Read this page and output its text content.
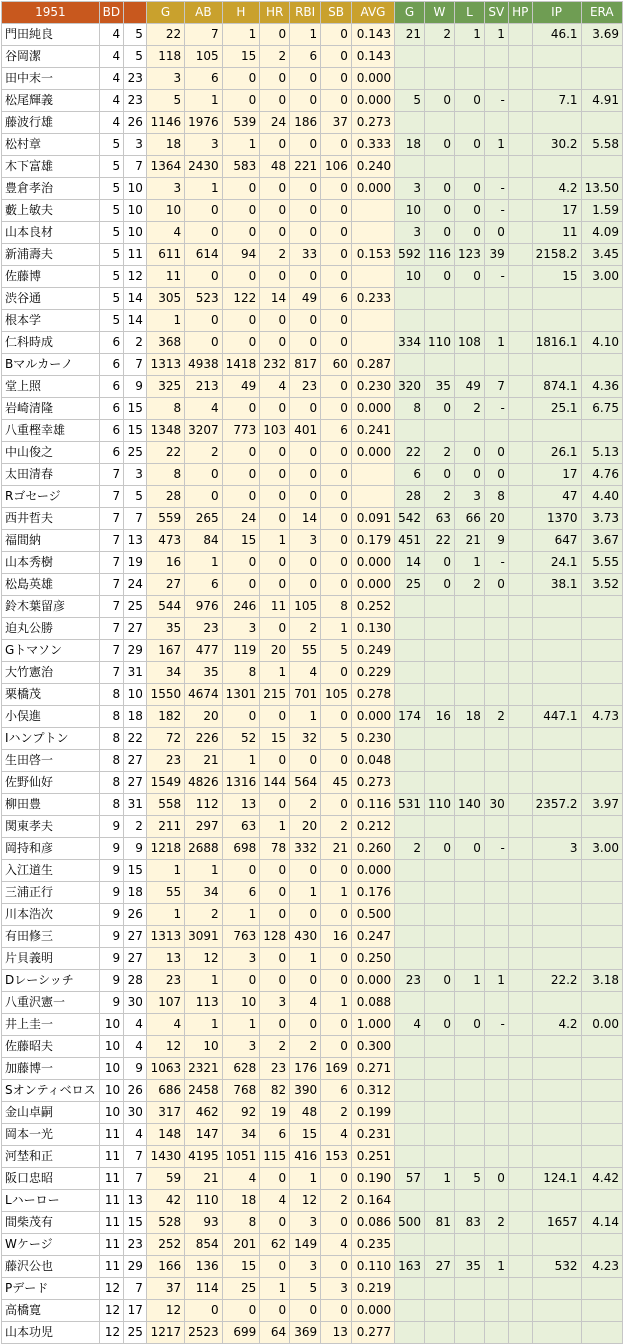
1951	BD		G	AB	H	HR	RBI	SB	AVG	G	W	L	SV	HP	IP	ERA
門田純良	4	5	22	7	1	0	1	0	0.143	21	2	1	1		46.1	3.69
谷岡潔	4	5	118	105	15	2	6	0	0.143							
田中末一	4	23	3	6	0	0	0	0	0.000							
松尾輝義	4	23	5	1	0	0	0	0	0.000	5	0	0	-		7.1	4.91
藤波行雄	4	26	1146	1976	539	24	186	37	0.273							
松村章	5	3	18	3	1	0	0	0	0.333	18	0	0	1		30.2	5.58
木下富雄	5	7	1364	2430	583	48	221	106	0.240							
豊倉孝治	5	10	3	1	0	0	0	0	0.000	3	0	0	-		4.2	13.50
藪上敏夫	5	10	10	0	0	0	0	0		10	0	0	-		17	1.59
山本良材	5	10	4	0	0	0	0	0		3	0	0	0		11	4.09
新浦壽夫	5	11	611	614	94	2	33	0	0.153	592	116	123	39		2158.2	3.45
佐藤博	5	12	11	0	0	0	0	0		10	0	0	-		15	3.00
渋谷通	5	14	305	523	122	14	49	6	0.233							
根本学	5	14	1	0	0	0	0	0								
仁科時成	6	2	368	0	0	0	0	0		334	110	108	1		1816.1	4.10
Bマルカーノ	6	7	1313	4938	1418	232	817	60	0.287							
堂上照	6	9	325	213	49	4	23	0	0.230	320	35	49	7		874.1	4.36
岩崎清隆	6	15	8	4	0	0	0	0	0.000	8	0	2	-		25.1	6.75
八重樫幸雄	6	15	1348	3207	773	103	401	6	0.241							
中山俊之	6	25	22	2	0	0	0	0	0.000	22	2	0	0		26.1	5.13
太田清春	7	3	8	0	0	0	0	0		6	0	0	0		17	4.76
Rゴセージ	7	5	28	0	0	0	0	0		28	2	3	8		47	4.40
西井哲夫	7	7	559	265	24	0	14	0	0.091	542	63	66	20		1370	3.73
福間納	7	13	473	84	15	1	3	0	0.179	451	22	21	9		647	3.67
山本秀樹	7	19	16	1	0	0	0	0	0.000	14	0	1	-		24.1	5.55
松島英雄	7	24	27	6	0	0	0	0	0.000	25	0	2	0		38.1	3.52
鈴木葉留彦	7	25	544	976	246	11	105	8	0.252							
迫丸公勝	7	27	35	23	3	0	2	1	0.130							
Gトマソン	7	29	167	477	119	20	55	5	0.249							
大竹憲治	7	31	34	35	8	1	4	0	0.229							
栗橋茂	8	10	1550	4674	1301	215	701	105	0.278							
小俣進	8	18	182	20	0	0	1	0	0.000	174	16	18	2		447.1	4.73
Iハンプトン	8	22	72	226	52	15	32	5	0.230							
生田啓一	8	27	23	21	1	0	0	0	0.048							
佐野仙好	8	27	1549	4826	1316	144	564	45	0.273							
柳田豊	8	31	558	112	13	0	2	0	0.116	531	110	140	30		2357.2	3.97
関東孝夫	9	2	211	297	63	1	20	2	0.212							
岡持和彦	9	9	1218	2688	698	78	332	21	0.260	2	0	0	-		3	3.00
入江道生	9	15	1	1	0	0	0	0	0.000							
三浦正行	9	18	55	34	6	0	1	1	0.176							
川本浩次	9	26	1	2	1	0	0	0	0.500							
有田修三	9	27	1313	3091	763	128	430	16	0.247							
片貝義明	9	27	13	12	3	0	1	0	0.250							
Dレーシッチ	9	28	23	1	0	0	0	0	0.000	23	0	1	1		22.2	3.18
八重沢憲一	9	30	107	113	10	3	4	1	0.088							
井上圭一	10	4	4	1	1	0	0	0	1.000	4	0	0	-		4.2	0.00
佐藤昭夫	10	4	12	10	3	2	2	0	0.300							
加藤博一	10	9	1063	2321	628	23	176	169	0.271							
Sオンティベロス	10	26	686	2458	768	82	390	6	0.312							
金山卓嗣	10	30	317	462	92	19	48	2	0.199							
岡本一光	11	4	148	147	34	6	15	4	0.231							
河埜和正	11	7	1430	4195	1051	115	416	153	0.251							
阪口忠昭	11	7	59	21	4	0	1	0	0.190	57	1	5	0		124.1	4.42
Lハーロー	11	13	42	110	18	4	12	2	0.164							
間柴茂有	11	15	528	93	8	0	3	0	0.086	500	81	83	2		1657	4.14
Wケージ	11	23	252	854	201	62	149	4	0.235							
藤沢公也	11	29	166	136	15	0	3	0	0.110	163	27	35	1		532	4.23
Pデード	12	7	37	114	25	1	5	3	0.219							
高橋寛	12	17	12	0	0	0	0	0	0.000							
山本功児	12	25	1217	2523	699	64	369	13	0.277							
